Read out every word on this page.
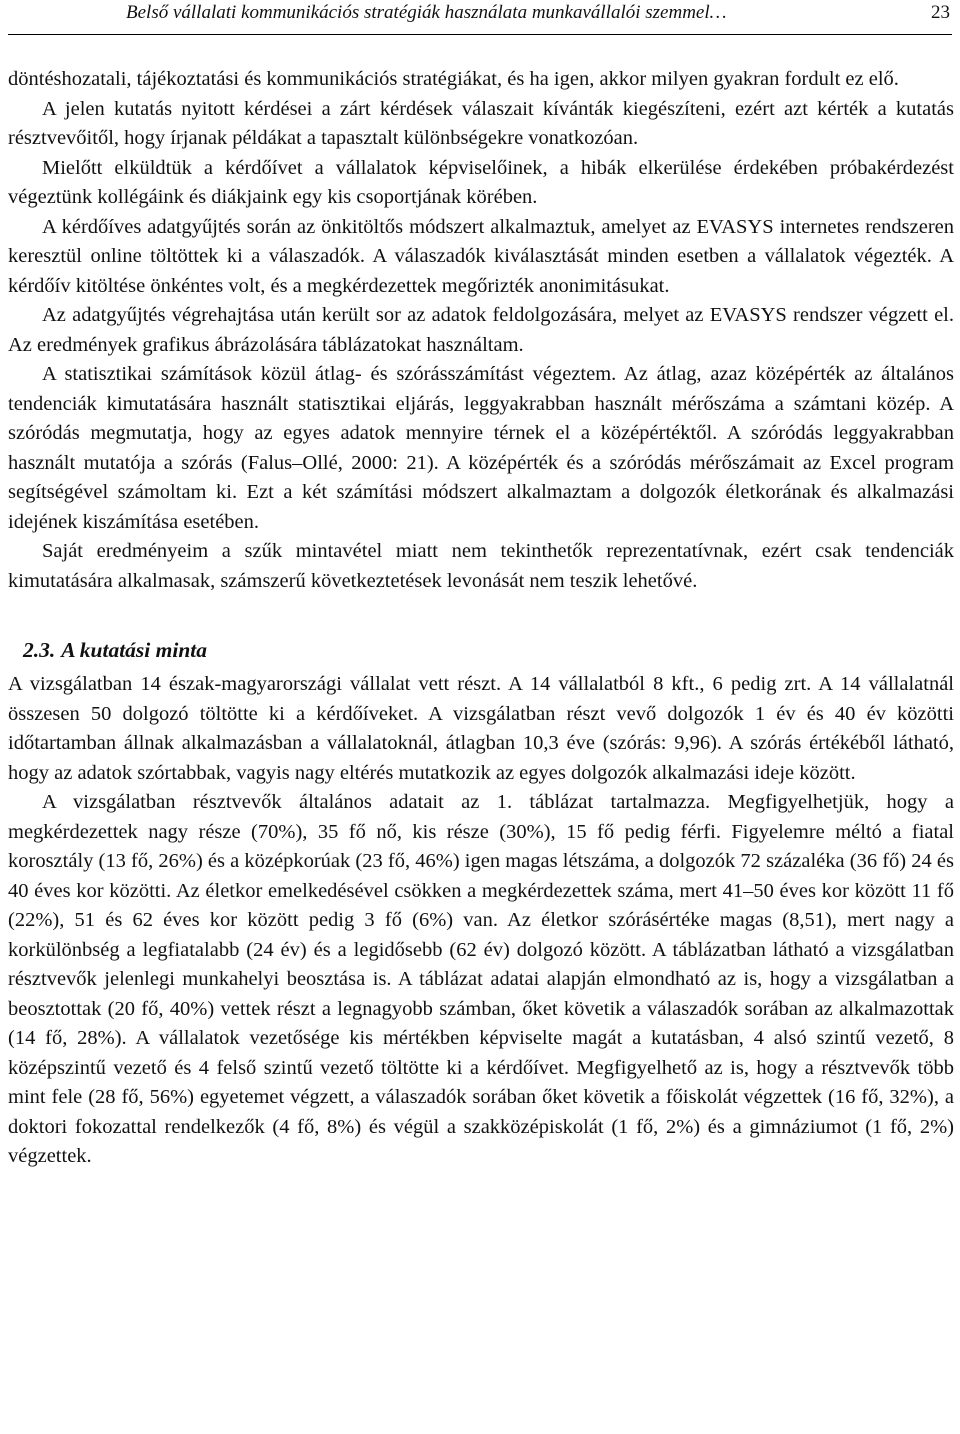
Belső vállalati kommunikációs stratégiák használata munkavállalói szemmel…	23

döntéshozatali, tájékoztatási és kommunikációs stratégiákat, és ha igen, akkor milyen gyakran fordult ez elő.

A jelen kutatás nyitott kérdései a zárt kérdések válaszait kívánták kiegészíteni, ezért azt kérték a kutatás résztvevőitől, hogy írjanak példákat a tapasztalt különbségekre vonatkozóan.

Mielőtt elküldtük a kérdőívet a vállalatok képviselőinek, a hibák elkerülése érdekében próbakérdezést végeztünk kollégáink és diákjaink egy kis csoportjának körében.

A kérdőíves adatgyűjtés során az önkitöltős módszert alkalmaztuk, amelyet az EVASYS internetes rendszeren keresztül online töltöttek ki a válaszadók. A válaszadók kiválasztását minden esetben a vállalatok végezték. A kérdőív kitöltése önkéntes volt, és a megkérdezettek megőrizték anonimitásukat.

Az adatgyűjtés végrehajtása után került sor az adatok feldolgozására, melyet az EVASYS rendszer végzett el. Az eredmények grafikus ábrázolására táblázatokat használtam.

A statisztikai számítások közül átlag- és szórásszámítást végeztem. Az átlag, azaz középérték az általános tendenciák kimutatására használt statisztikai eljárás, leggyakrabban használt mérőszáma a számtani közép. A szóródás megmutatja, hogy az egyes adatok mennyire térnek el a középértéktől. A szóródás leggyakrabban használt mutatója a szórás (Falus–Ollé, 2000: 21). A középérték és a szóródás mérőszámait az Excel program segítségével számoltam ki. Ezt a két számítási módszert alkalmaztam a dolgozók életkorának és alkalmazási idejének kiszámítása esetében.

Saját eredményeim a szűk mintavétel miatt nem tekinthetők reprezentatívnak, ezért csak tendenciák kimutatására alkalmasak, számszerű következtetések levonását nem teszik lehetővé.

2.3. A kutatási minta

A vizsgálatban 14 észak-magyarországi vállalat vett részt. A 14 vállalatból 8 kft., 6 pedig zrt. A 14 vállalatnál összesen 50 dolgozó töltötte ki a kérdőíveket. A vizsgálatban részt vevő dolgozók 1 év és 40 év közötti időtartamban állnak alkalmazásban a vállalatoknál, átlagban 10,3 éve (szórás: 9,96). A szórás értékéből látható, hogy az adatok szórtabbak, vagyis nagy eltérés mutatkozik az egyes dolgozók alkalmazási ideje között.

A vizsgálatban résztvevők általános adatait az 1. táblázat tartalmazza. Megfigyelhetjük, hogy a megkérdezettek nagy része (70%), 35 fő nő, kis része (30%), 15 fő pedig férfi. Figyelemre méltó a fiatal korosztály (13 fő, 26%) és a középkorúak (23 fő, 46%) igen magas létszáma, a dolgozók 72 százaléka (36 fő) 24 és 40 éves kor közötti. Az életkor emelkedésével csökken a megkérdezettek száma, mert 41–50 éves kor között 11 fő (22%), 51 és 62 éves kor között pedig 3 fő (6%) van. Az életkor szórásértéke magas (8,51), mert nagy a korkülönbség a legfiatalabb (24 év) és a legidősebb (62 év) dolgozó között. A táblázatban látható a vizsgálatban résztvevők jelenlegi munkahelyi beosztása is. A táblázat adatai alapján elmondható az is, hogy a vizsgálatban a beosztottak (20 fő, 40%) vettek részt a legnagyobb számban, őket követik a válaszadók sorában az alkalmazottak (14 fő, 28%). A vállalatok vezetősége kis mértékben képviselte magát a kutatásban, 4 alsó szintű vezető, 8 középszintű vezető és 4 felső szintű vezető töltötte ki a kérdőívet. Megfigyelhető az is, hogy a résztvevők több mint fele (28 fő, 56%) egyetemet végzett, a válaszadók sorában őket követik a főiskolát végzettek (16 fő, 32%), a doktori fokozattal rendelkezők (4 fő, 8%) és végül a szakközépiskolát (1 fő, 2%) és a gimnáziumot (1 fő, 2%) végzettek.
